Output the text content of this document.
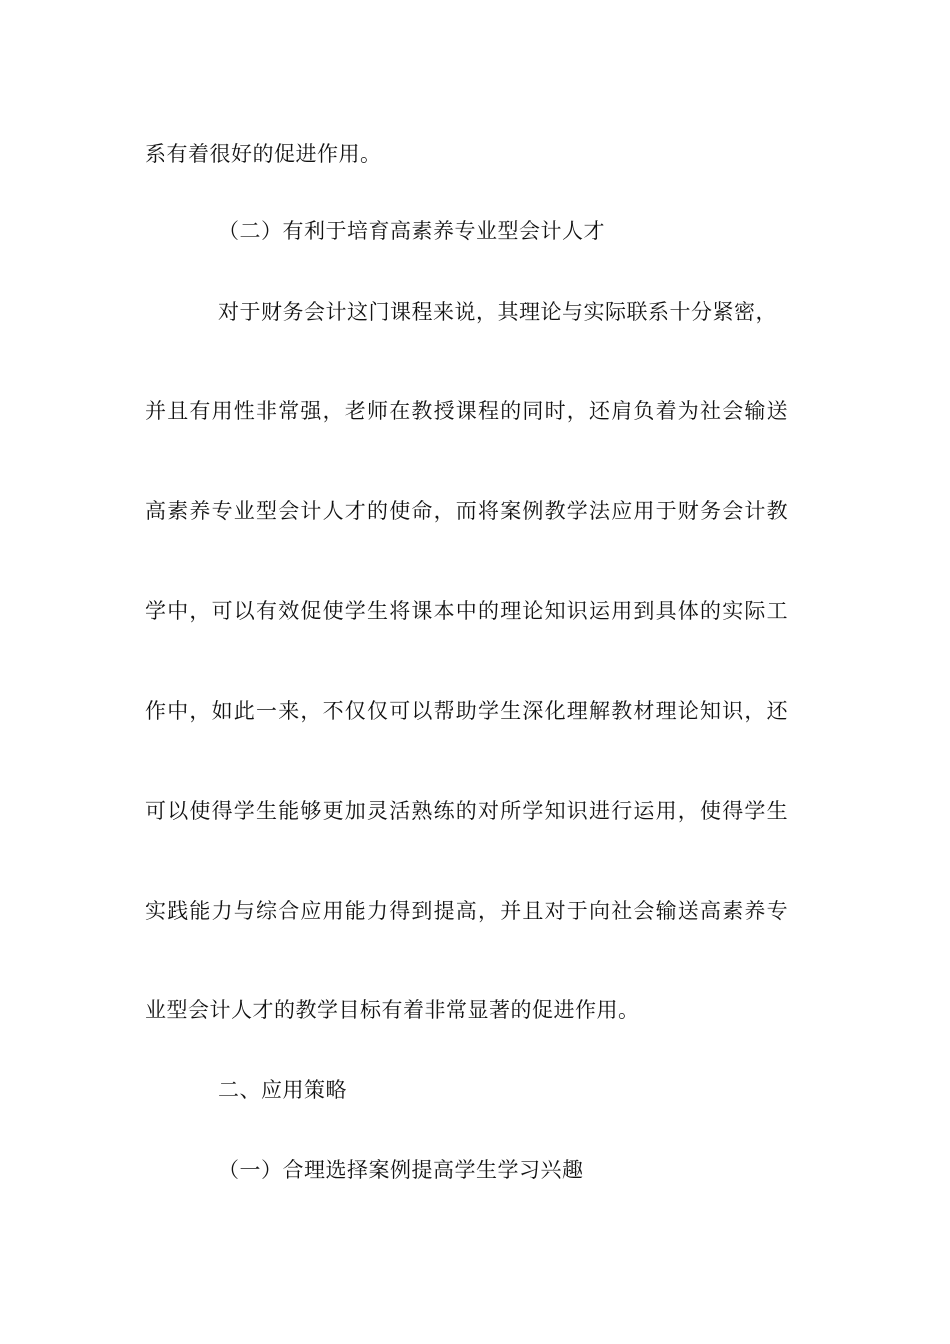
系有着很好的促进作用。
（二）有利于培育高素养专业型会计人才
对于财务会计这门课程来说，其理论与实际联系十分紧密，
并且有用性非常强，老师在教授课程的同时，还肩负着为社会输送
高素养专业型会计人才的使命，而将案例教学法应用于财务会计教
学中，可以有效促使学生将课本中的理论知识运用到具体的实际工
作中，如此一来，不仅仅可以帮助学生深化理解教材理论知识，还
可以使得学生能够更加灵活熟练的对所学知识进行运用，使得学生
实践能力与综合应用能力得到提高，并且对于向社会输送高素养专
业型会计人才的教学目标有着非常显著的促进作用。
二、应用策略
（一）合理选择案例提高学生学习兴趣
